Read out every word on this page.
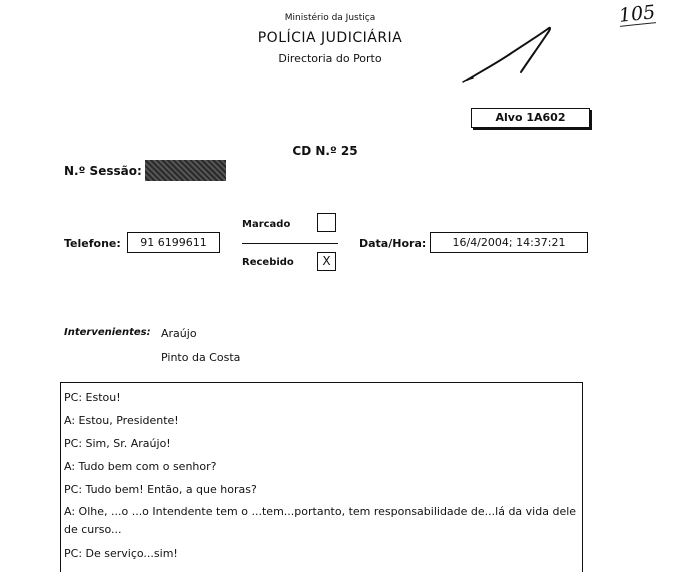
Ministério da Justiça
POLÍCIA JUDICIÁRIA
Directoria do Porto
105
Alvo 1A602
CD N.º 25
N.º Sessão:
Telefone:	91 6199611
Marcado
Recebido	X
Data/Hora:	16/4/2004; 14:37:21
Intervenientes: Araújo
Pinto da Costa
PC: Estou!
A: Estou, Presidente!
PC: Sim, Sr. Araújo!
A: Tudo bem com o senhor?
PC: Tudo bem! Então, a que horas?
A: Olhe, ...o ...o Intendente tem o ...tem...portanto, tem responsabilidade de...lá da vida dele de curso...
PC: De serviço...sim!
